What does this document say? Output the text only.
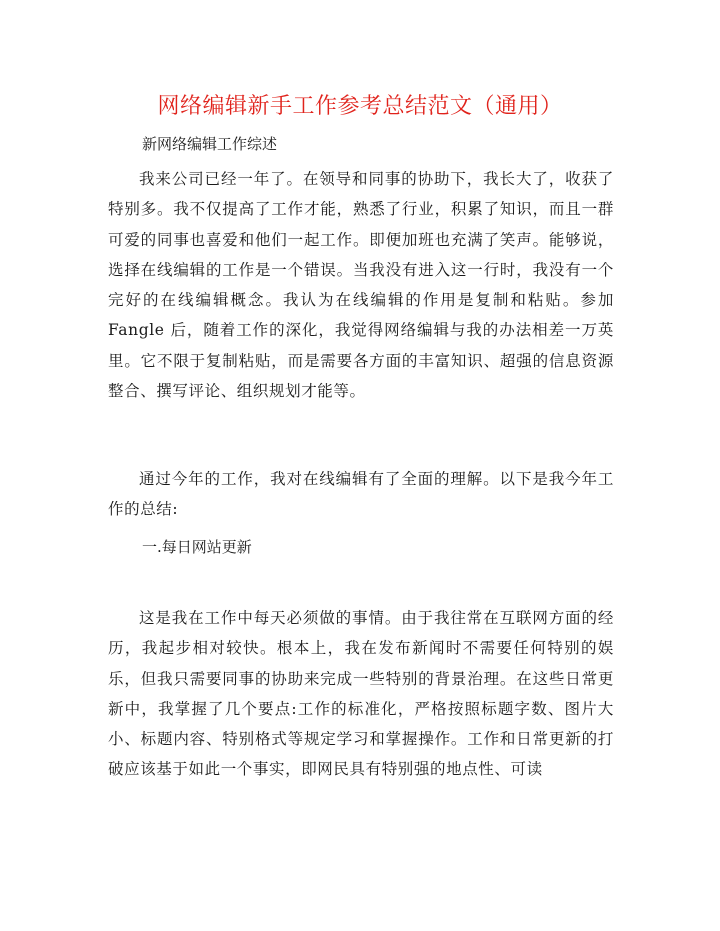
网络编辑新手工作参考总结范文（通用）
新网络编辑工作综述

我来公司已经一年了。在领导和同事的协助下，我长大了，收获了特别多。我不仅提高了工作才能，熟悉了行业，积累了知识，而且一群可爱的同事也喜爱和他们一起工作。即便加班也充满了笑声。能够说，选择在线编辑的工作是一个错误。当我没有进入这一行时，我没有一个完好的在线编辑概念。我认为在线编辑的作用是复制和粘贴。参加 Fangle 后，随着工作的深化，我觉得网络编辑与我的办法相差一万英里。它不限于复制粘贴，而是需要各方面的丰富知识、超强的信息资源整合、撰写评论、组织规划才能等。

通过今年的工作，我对在线编辑有了全面的理解。以下是我今年工作的总结:

一.每日网站更新

这是我在工作中每天必须做的事情。由于我往常在互联网方面的经历，我起步相对较快。根本上，我在发布新闻时不需要任何特别的娱乐，但我只需要同事的协助来完成一些特别的背景治理。在这些日常更新中，我掌握了几个要点:工作的标准化，严格按照标题字数、图片大小、标题内容、特别格式等规定学习和掌握操作。工作和日常更新的打破应该基于如此一个事实，即网民具有特别强的地点性、可读
